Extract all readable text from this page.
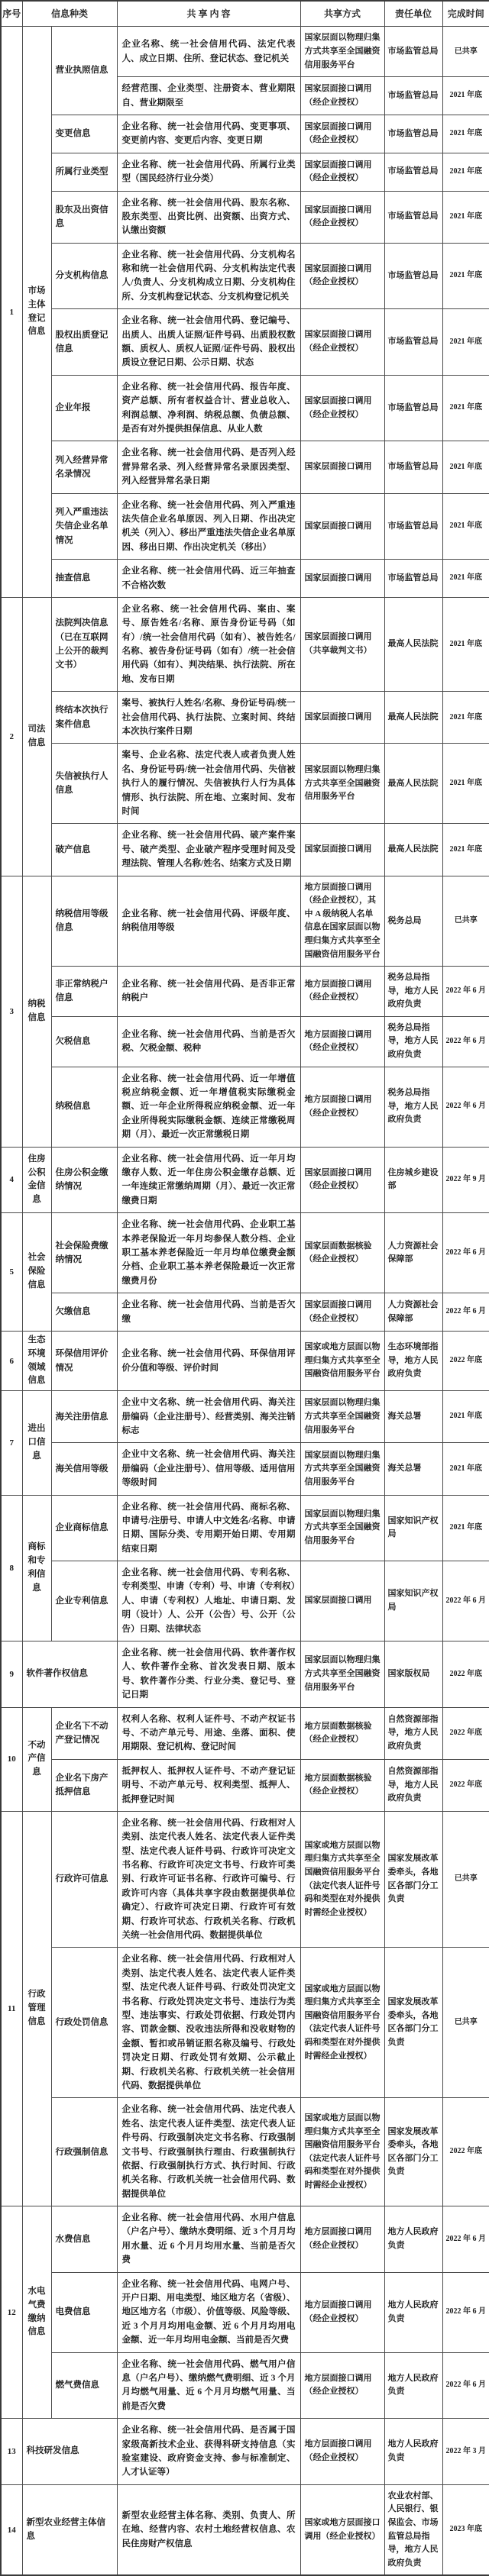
序号	信息种类		共 享 内 容	共享方式	责任单位	完成时间
1	市场主体登记信息	营业执照信息	企业名称、统一社会信用代码、法定代表人、成立日期、住所、登记状态、登记机关	国家层面以物理归集方式共享至全国融资信用服务平台	市场监管总局	已共享
			经营范围、企业类型、注册资本、营业期限自、营业期限至	国家层面接口调用（经企业授权）	市场监管总局	2021 年底
		变更信息	企业名称、统一社会信用代码、变更事项、变更前内容、变更后内容、变更日期	国家层面接口调用（经企业授权）	市场监管总局	2021 年底
		所属行业类型	企业名称、统一社会信用代码、所属行业类型（国民经济行业分类）	国家层面接口调用（经企业授权）	市场监管总局	2021 年底
		股东及出资信息	企业名称、统一社会信用代码、股东名称、股东类型、出资比例、出资额、出资方式、认缴出资额	国家层面接口调用（经企业授权）	市场监管总局	2021 年底
		分支机构信息	企业名称、统一社会信用代码、分支机构名称和统一社会信用代码、分支机构法定代表人/负责人、分支机构成立日期、分支机构住所、分支机构登记状态、分支机构登记机关	国家层面接口调用（经企业授权）	市场监管总局	2021 年底
		股权出质登记信息	企业名称、统一社会信用代码、登记编号、出质人、出质人证照/证件号码、出质股权数额、质权人、质权人证照/证件号码、股权出质设立登记日期、公示日期、状态	国家层面接口调用（经企业授权）	市场监管总局	2021 年底
		企业年报	企业名称、统一社会信用代码、报告年度、资产总额、所有者权益合计、营业总收入、利润总额、净利润、纳税总额、负债总额、是否有对外提供担保信息、从业人数	国家层面接口调用（经企业授权）	市场监管总局	2021 年底
		列入经营异常名录情况	企业名称、统一社会信用代码、是否列入经营异常名录、列入经营异常名录原因类型、列入经营异常名录日期	国家层面接口调用	市场监管总局	2021 年底
		列入严重违法失信企业名单情况	企业名称、统一社会信用代码、列入严重违法失信企业名单原因、列入日期、作出决定机关（列入）、移出严重违法失信企业名单原因、移出日期、作出决定机关（移出）	国家层面接口调用	市场监管总局	2021 年底
		抽查信息	企业名称、统一社会信用代码、近三年抽查不合格次数	国家层面接口调用	市场监管总局	2021 年底
2	司法信息	法院判决信息（已在互联网上公开的裁判文书）	企业名称、统一社会信用代码、案由、案号、原告姓名/名称、原告身份证号码（如有）/统一社会信用代码（如有）、被告姓名/名称、被告身份证号码（如有）/统一社会信用代码（如有）、判决结果、执行法院、所在地、发布日期	国家层面接口调用（共享裁判文书）	最高人民法院	2021 年底
		终结本次执行案件信息	案号、被执行人姓名/名称、身份证号码/统一社会信用代码、执行法院、立案时间、终结本次执行案件日期	国家层面接口调用	最高人民法院	2021 年底
		失信被执行人信息	案号、企业名称、法定代表人或者负责人姓名、身份证号码/统一社会信用代码、失信被执行人的履行情况、失信被执行人行为具体情形、执行法院、所在地、立案时间、发布时间	国家层面以物理归集方式共享至全国融资信用服务平台	最高人民法院	2021 年底
		破产信息	企业名称、统一社会信用代码、破产案件案号、破产类型、企业破产程序受理时间及受理法院、管理人名称/姓名、结案方式及日期	国家层面接口调用	最高人民法院	2021 年底
3	纳税信息	纳税信用等级信息	企业名称、统一社会信用代码、评级年度、纳税信用等级	地方层面接口调用（经企业授权），其中 A 级纳税人名单信息在国家层面以物理归集方式共享至全国融资信用服务平台	税务总局	已共享
		非正常纳税户信息	企业名称、统一社会信用代码、是否非正常纳税户	地方层面接口调用（经企业授权）	税务总局指导，地方人民政府负责	2022 年 6 月
		欠税信息	企业名称、统一社会信用代码、当前是否欠税、欠税金额、税种	地方层面接口调用（经企业授权）	税务总局指导，地方人民政府负责	2022 年 6 月
		纳税信息	企业名称、统一社会信用代码、近一年增值税应纳税金额、近一年增值税实际缴税金额、近一年企业所得税应纳税金额、近一年企业所得税实际缴税金额、连续正常缴税周期（月）、最近一次正常缴税日期	地方层面接口调用（经企业授权）	税务总局指导，地方人民政府负责	2022 年 6 月
4	住房公积金信息	住房公积金缴纳情况	企业名称、统一社会信用代码、近一年月均缴存人数、近一年住房公积金缴存总额、近一年连续正常缴纳周期（月）、最近一次正常缴费日期	国家层面接口调用（经企业授权）	住房城乡建设部	2022 年 9 月
5	社会保险信息	社会保险费缴纳情况	企业名称、统一社会信用代码、企业职工基本养老保险近一年月均参保人数分档、企业职工基本养老保险近一年月均单位缴费金额分档、企业职工基本养老保险最近一次正常缴费月份	国家层面数据核验（经企业授权）	人力资源社会保障部	2022 年 6 月
		欠缴信息	企业名称、统一社会信用代码、当前是否欠缴	国家层面接口调用（经企业授权）	人力资源社会保障部	2022 年 6 月
6	生态环境领域信息	环保信用评价情况	企业名称、统一社会信用代码、环保信用评价分值和等级、评价时间	国家或地方层面以物理归集方式共享至全国融资信用服务平台	生态环境部指导，地方人民政府负责	2022 年底
7	进出口信息	海关注册信息	企业中文名称、统一社会信用代码、海关注册编码（企业注册号）、经营类别、海关注销标志	国家层面以物理归集方式共享至全国融资信用服务平台	海关总署	2021 年底
		海关信用等级	企业中文名称、统一社会信用代码、海关注册编码（企业注册号）、信用等级、适用信用等级时间	国家层面以物理归集方式共享至全国融资信用服务平台	海关总署	2021 年底
8	商标和专利信息	企业商标信息	企业名称、统一社会信用代码、商标名称、申请号/注册号、申请人中文姓名/名称、申请日期、国际分类、专用期开始日期、专用期结束日期	国家层面以物理归集方式共享至全国融资信用服务平台	国家知识产权局	2021 年底
		企业专利信息	企业名称、统一社会信用代码、专利名称、专利类型、申请（专利）号、申请（专利权）人、申请（专利权）人地址、申请日期、发明（设计）人、公开（公告）号、公开（公告）日期、法律状态	国家层面接口调用	国家知识产权局	2022 年 6 月
9	软件著作权信息		企业名称、统一社会信用代码、软件著作权人、软件著作全称、首次发表日期、版本号、软件著作分类、行业分类、登记号、登记日期	国家层面以物理归集方式共享至全国融资信用服务平台	国家版权局	2022 年底
10	不动产信息	企业名下不动产登记情况	权利人名称、权利人证件号、不动产权证书号、不动产单元号、用途、坐落、面积、使用期限、登记机构、登记时间	地方层面数据核验（经企业授权）	自然资源部指导，地方人民政府负责	2022 年底
		企业名下房产抵押信息	抵押权人、抵押权人证件号、不动产登记证明号、不动产单元号、权利类型、抵押人、抵押登记时间	地方层面数据核验（经企业授权）	自然资源部指导，地方人民政府负责	2022 年底
11	行政管理信息	行政许可信息	企业名称、统一社会信用代码、行政相对人类别、法定代表人姓名、法定代表人证件类型、法定代表人证件号码、行政许可决定文书名称、行政许可决定文书号、行政许可类别、行政许可证书名称、行政许可编号、行政许可内容（具体共享字段由数据提供单位确定）、行政许可决定日期、行政许可有效期、行政许可状态、行政机关名称、行政机关统一社会信用代码、数据提供单位	国家或地方层面以物理归集方式共享至全国融资信用服务平台（法定代表人证件号码和类型在对外提供时需经企业授权）	国家发展改革委牵头，各地区各部门分工负责	已共享
		行政处罚信息	企业名称、统一社会信用代码、行政相对人类别、法定代表人姓名、法定代表人证件类型、法定代表人证件号码、行政处罚决定文书名称、行政处罚决定文书号、违法行为类型、违法事实、行政处罚依据、行政处罚内容、罚款金额、没收违法所得和没收财物的金额、暂扣或吊销证照名称及编号、行政处罚决定日期、行政处罚有效期、公示截止期、行政机关名称、行政机关统一社会信用代码、数据提供单位	国家或地方层面以物理归集方式共享至全国融资信用服务平台（法定代表人证件号码和类型在对外提供时需经企业授权）	国家发展改革委牵头，各地区各部门分工负责	已共享
		行政强制信息	企业名称、统一社会信用代码、法定代表人姓名、法定代表人证件类型、法定代表人证件号码、行政强制决定文书名称、行政强制文书号、行政强制执行理由、行政强制执行依据、行政强制执行方式、执行时间、行政机关名称、行政机关统一社会信用代码、数据提供单位	国家或地方层面以物理归集方式共享至全国融资信用服务平台（法定代表人证件号码和类型在对外提供时需经企业授权）	国家发展改革委牵头，各地区各部门分工负责	2022 年底
12	水电气费缴纳信息	水费信息	企业名称、统一社会信用代码、水用户信息（户名户号）、缴纳水费明细、近 3 个月月均用水量、近 6 个月月均用水量、当前是否欠费	地方层面接口调用（经企业授权）	地方人民政府负责	2022 年 6 月
		电费信息	企业名称、统一社会信用代码、电网户号、开户日期、用电类型、地区地方名（省级）、地区地方名（市级）、价值等级、风险等级、近 3 个月月均用电金额、近 6 个月月均用电金额、近一年月均用电金额、当前是否欠费	地方层面接口调用（经企业授权）	地方人民政府负责	2022 年 6 月
		燃气费信息	企业名称、统一社会信用代码、燃气用户信息（户名户号）、缴纳燃气费明细、近 3 个月月均燃气用量、近 6 个月月均燃气用量、当前是否欠费	地方层面接口调用（经企业授权）	地方人民政府负责	2022 年 6 月
13	科技研发信息		企业名称、统一社会信用代码、是否属于国家级高新技术企业、获得科研支持信息（实验室建设、政府资金支持、参与标准制定、人才认证等）	地方层面接口调用（经企业授权）	地方人民政府负责	2022 年 3 月
14	新型农业经营主体信息		新型农业经营主体名称、类别、负责人、所在地、经营内容、农村土地经营权信息、农民住房财产权信息	国家或地方层面接口调用（经企业授权）	农业农村部、人民银行、银保监会、市场监管总局指导，地方人民政府负责	2023 年底
